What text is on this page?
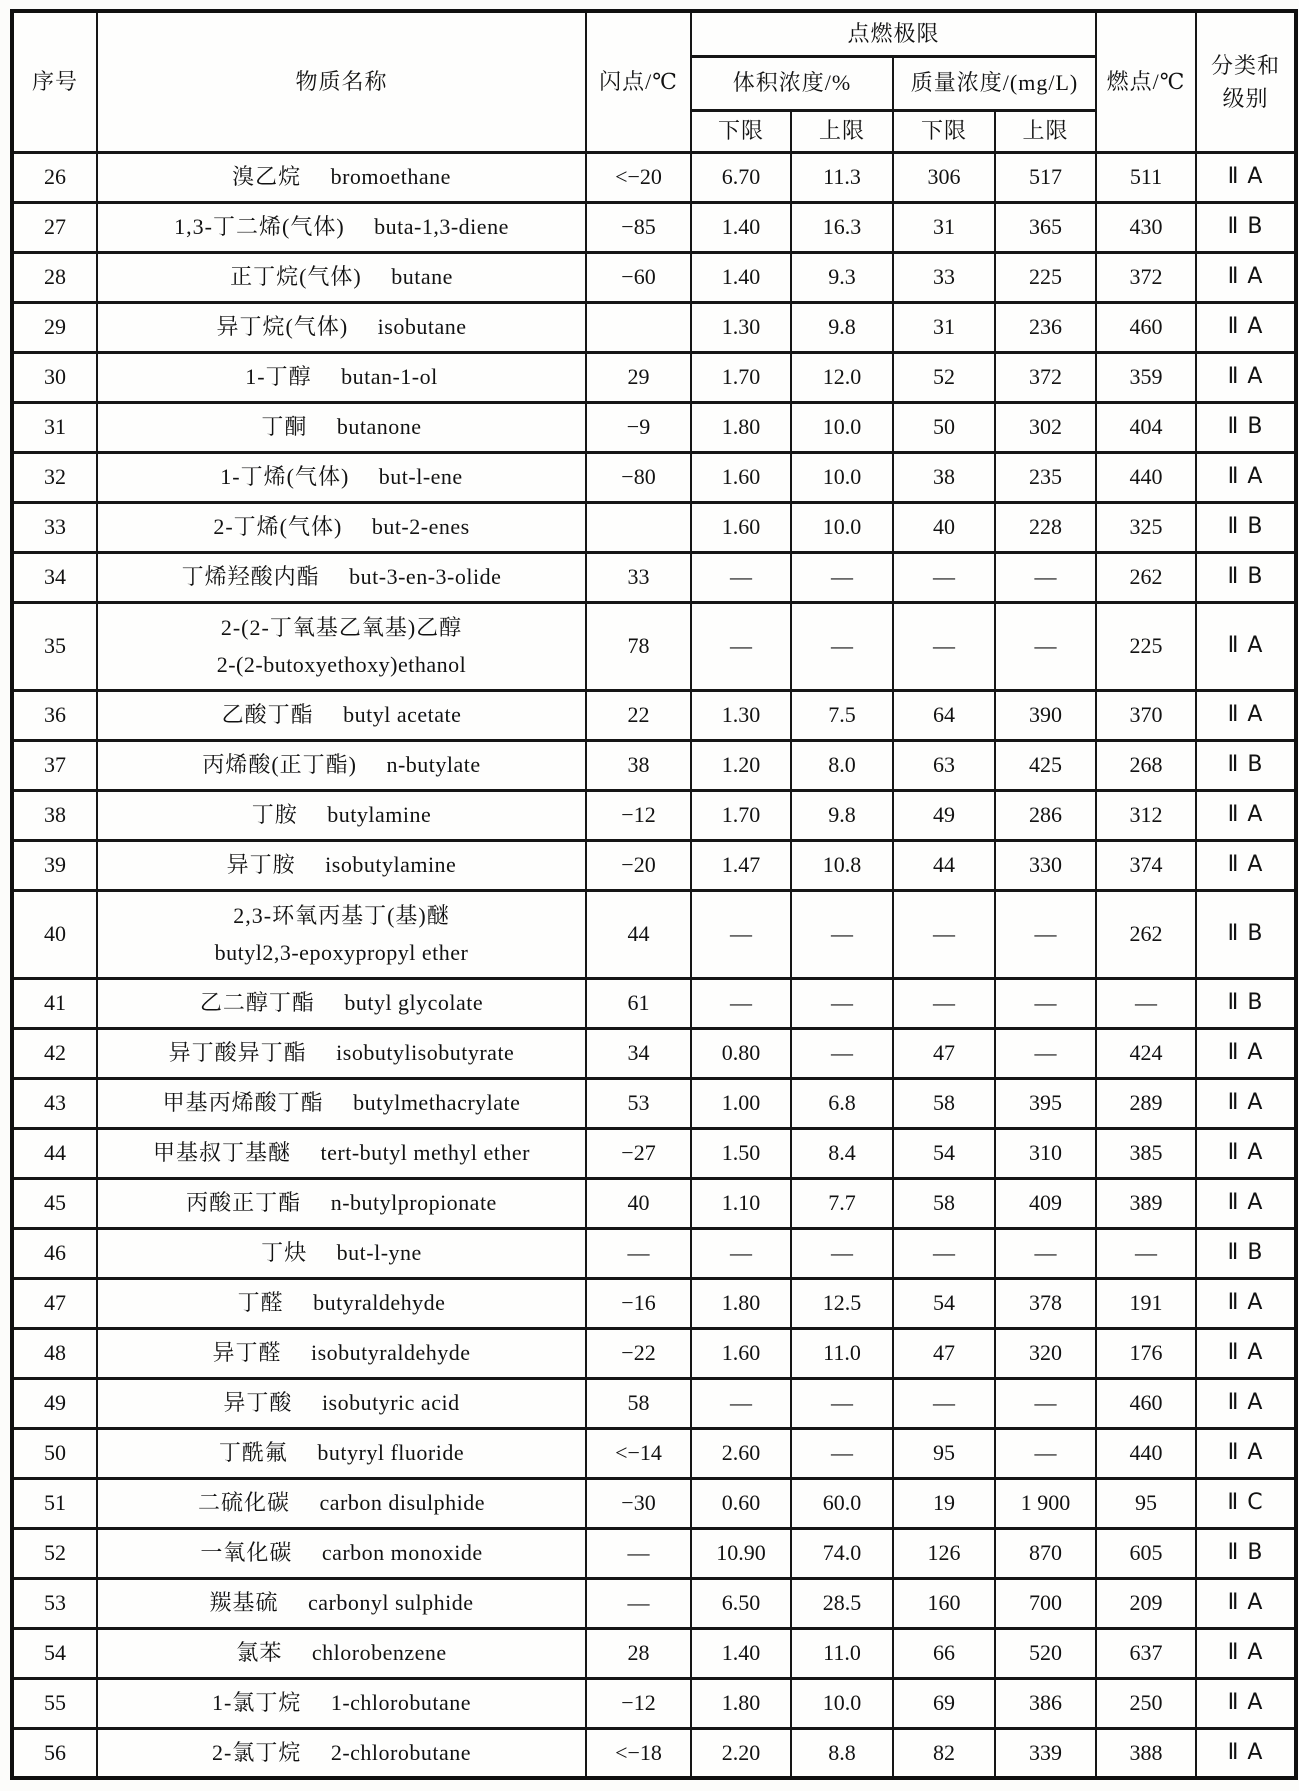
序号	物质名称	闪点/℃	点燃极限				燃点/℃	分类和
级别

			体积浓度/%		质量浓度/(mg/L)			
			下限	上限	下限	上限		
26	溴乙烷 bromoethane	<−20	6.70	11.3	306	517	511	Ⅱ A
27	1,3-丁二烯(气体) buta-1,3-diene	−85	1.40	16.3	31	365	430	Ⅱ B
28	正丁烷(气体) butane	−60	1.40	9.3	33	225	372	Ⅱ A
29	异丁烷(气体) isobutane		1.30	9.8	31	236	460	Ⅱ A
30	1-丁醇 butan-1-ol	29	1.70	12.0	52	372	359	Ⅱ A
31	丁酮 butanone	−9	1.80	10.0	50	302	404	Ⅱ B
32	1-丁烯(气体) but-l-ene	−80	1.60	10.0	38	235	440	Ⅱ A
33	2-丁烯(气体) but-2-enes		1.60	10.0	40	228	325	Ⅱ B
34	丁烯羟酸内酯 but-3-en-3-olide	33	—	—	—	—	262	Ⅱ B
35	2-(2-丁氧基乙氧基)乙醇
2-(2-butoxyethoxy)ethanol	78	—	—	—	—	225	Ⅱ A
36	乙酸丁酯 butyl acetate	22	1.30	7.5	64	390	370	Ⅱ A
37	丙烯酸(正丁酯) n-butylate	38	1.20	8.0	63	425	268	Ⅱ B
38	丁胺 butylamine	−12	1.70	9.8	49	286	312	Ⅱ A
39	异丁胺 isobutylamine	−20	1.47	10.8	44	330	374	Ⅱ A
40	2,3-环氧丙基丁(基)醚
butyl2,3-epoxypropyl ether	44	—	—	—	—	262	Ⅱ B
41	乙二醇丁酯 butyl glycolate	61	—	—	—	—	—	Ⅱ B
42	异丁酸异丁酯 isobutylisobutyrate	34	0.80	—	47	—	424	Ⅱ A
43	甲基丙烯酸丁酯 butylmethacrylate	53	1.00	6.8	58	395	289	Ⅱ A
44	甲基叔丁基醚 tert-butyl methyl ether	−27	1.50	8.4	54	310	385	Ⅱ A
45	丙酸正丁酯 n-butylpropionate	40	1.10	7.7	58	409	389	Ⅱ A
46	丁炔 but-l-yne	—	—	—	—	—	—	Ⅱ B
47	丁醛 butyraldehyde	−16	1.80	12.5	54	378	191	Ⅱ A
48	异丁醛 isobutyraldehyde	−22	1.60	11.0	47	320	176	Ⅱ A
49	异丁酸 isobutyric acid	58	—	—	—	—	460	Ⅱ A
50	丁酰氟 butyryl fluoride	<−14	2.60	—	95	—	440	Ⅱ A
51	二硫化碳 carbon disulphide	−30	0.60	60.0	19	1 900	95	Ⅱ C
52	一氧化碳 carbon monoxide	—	10.90	74.0	126	870	605	Ⅱ B
53	羰基硫 carbonyl sulphide	—	6.50	28.5	160	700	209	Ⅱ A
54	氯苯 chlorobenzene	28	1.40	11.0	66	520	637	Ⅱ A
55	1-氯丁烷 1-chlorobutane	−12	1.80	10.0	69	386	250	Ⅱ A
56	2-氯丁烷 2-chlorobutane	<−18	2.20	8.8	82	339	388	Ⅱ A
